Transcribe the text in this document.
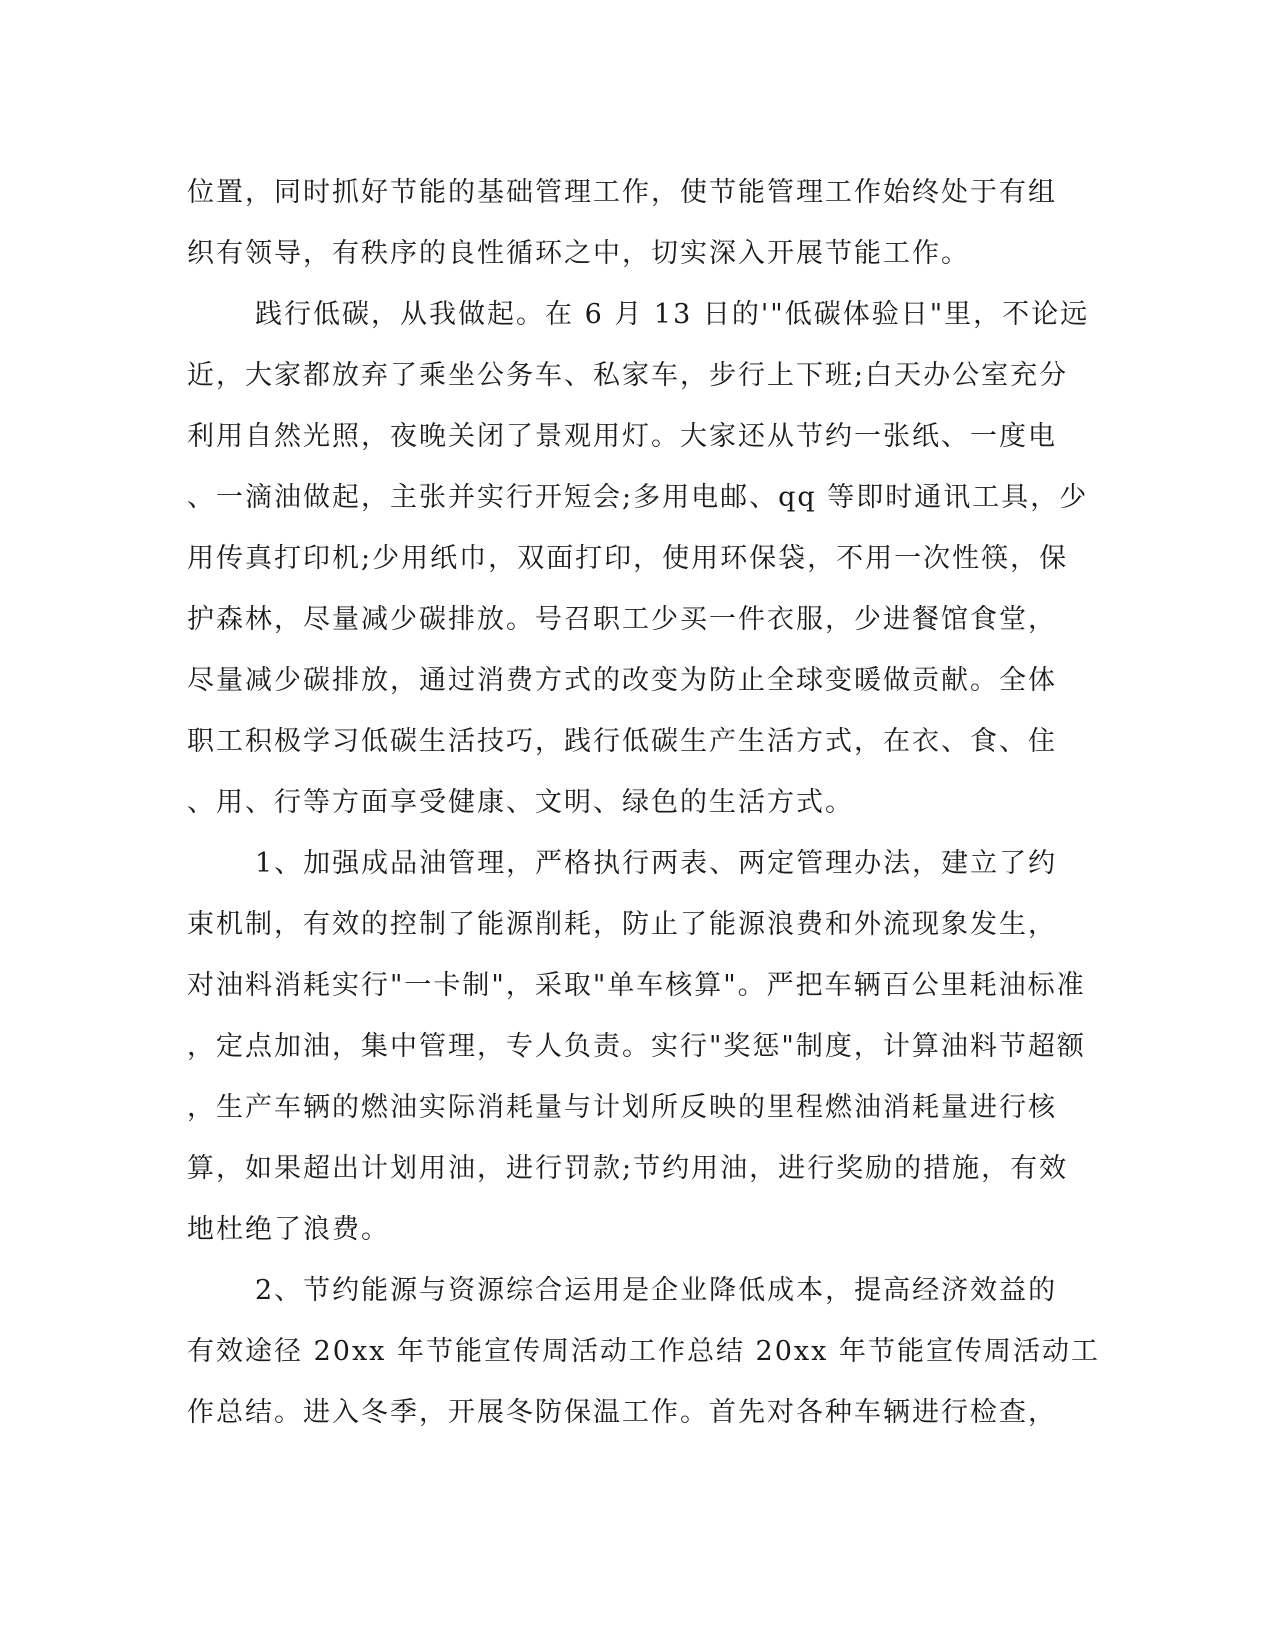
位置，同时抓好节能的基础管理工作，使节能管理工作始终处于有组
织有领导，有秩序的良性循环之中，切实深入开展节能工作。
践行低碳，从我做起。在 6 月 13 日的'"低碳体验日"里，不论远
近，大家都放弃了乘坐公务车、私家车，步行上下班;白天办公室充分
利用自然光照，夜晚关闭了景观用灯。大家还从节约一张纸、一度电
、一滴油做起，主张并实行开短会;多用电邮、qq 等即时通讯工具，少
用传真打印机;少用纸巾，双面打印，使用环保袋，不用一次性筷，保
护森林，尽量减少碳排放。号召职工少买一件衣服，少进餐馆食堂，
尽量减少碳排放，通过消费方式的改变为防止全球变暖做贡献。全体
职工积极学习低碳生活技巧，践行低碳生产生活方式，在衣、食、住
、用、行等方面享受健康、文明、绿色的生活方式。
1、加强成品油管理，严格执行两表、两定管理办法，建立了约
束机制，有效的控制了能源削耗，防止了能源浪费和外流现象发生，
对油料消耗实行"一卡制"，采取"单车核算"。严把车辆百公里耗油标准
，定点加油，集中管理，专人负责。实行"奖惩"制度，计算油料节超额
，生产车辆的燃油实际消耗量与计划所反映的里程燃油消耗量进行核
算，如果超出计划用油，进行罚款;节约用油，进行奖励的措施，有效
地杜绝了浪费。
2、节约能源与资源综合运用是企业降低成本，提高经济效益的
有效途径 20xx 年节能宣传周活动工作总结 20xx 年节能宣传周活动工
作总结。进入冬季，开展冬防保温工作。首先对各种车辆进行检查，
